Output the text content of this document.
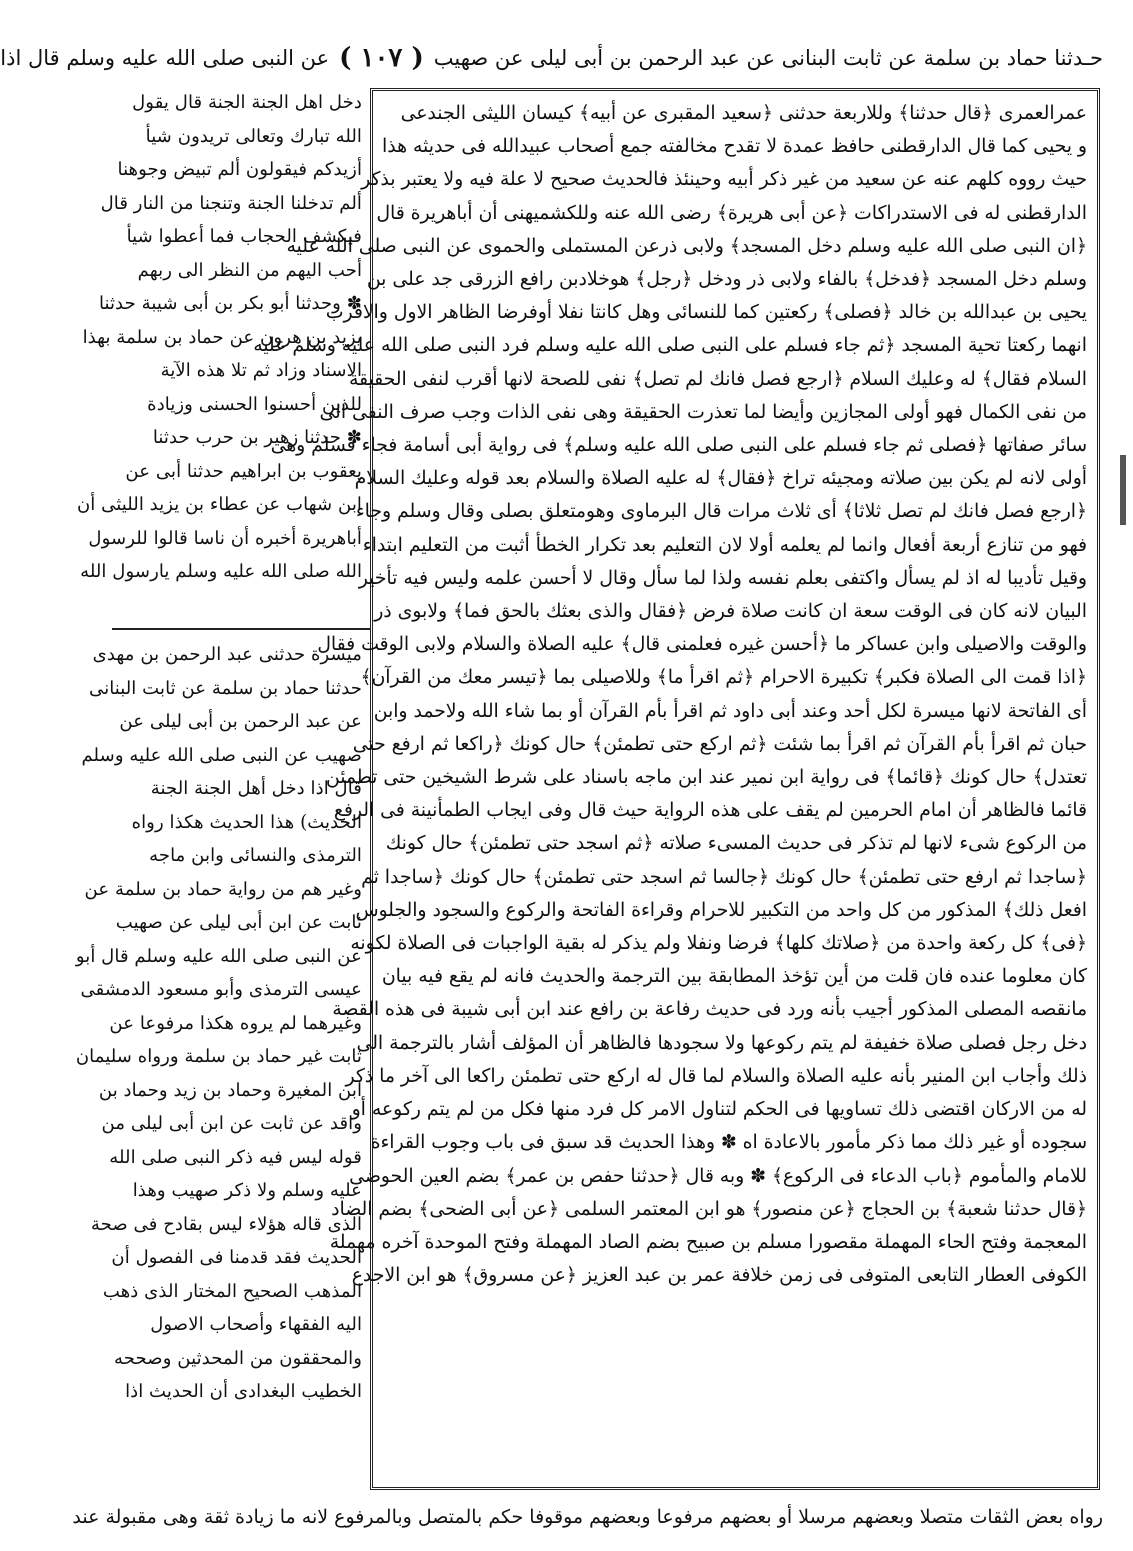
حـدثنا حماد بن سلمة عن ثابت البنانى عن عبد الرحمن بن أبى ليلى عن صهيب
( ١٠٧ )
عن النبى صلى الله عليه وسلم قال اذا

عمرالعمرى ﴿قال حدثنا﴾ وللاربعة حدثنى ﴿سعيد المقبرى عن أبيه﴾ كيسان الليثى الجندعى

و يحيى كما قال الدارقطنى حافظ عمدة لا تقدح مخالفته جمع أصحاب عبيدالله فى حديثه هذا

حيث رووه كلهم عنه عن سعيد من غير ذكر أبيه وحينئذ فالحديث صحيح لا علة فيه ولا يعتبر بذكر

الدارقطنى له فى الاستدراكات ﴿عن أبى هريرة﴾ رضى الله عنه وللكشميهنى أن أباهريرة قال

﴿ان النبى صلى الله عليه وسلم دخل المسجد﴾ ولابى ذرعن المستملى والحموى عن النبى صلى الله عليه

وسلم دخل المسجد ﴿فدخل﴾ بالفاء ولابى ذر ودخل ﴿رجل﴾ هوخلادبن رافع الزرقى جد على بن

يحيى بن عبدالله بن خالد ﴿فصلى﴾ ركعتين كما للنسائى وهل كانتا نفلا أوفرضا الظاهر الاول والاقرب

انهما ركعتا تحية المسجد ﴿ثم جاء فسلم على النبى صلى الله عليه وسلم فرد النبى صلى الله عليه وسلم عليه

السلام فقال﴾ له وعليك السلام ﴿ارجع فصل فانك لم تصل﴾ نفى للصحة لانها أقرب لنفى الحقيقة

من نفى الكمال فهو أولى المجازين وأيضا لما تعذرت الحقيقة وهى نفى الذات وجب صرف النفى الى

سائر صفاتها ﴿فصلى ثم جاء فسلم على النبى صلى الله عليه وسلم﴾ فى رواية أبى أسامة فجاء فسلم وهى

أولى لانه لم يكن بين صلاته ومجيئه تراخ ﴿فقال﴾ له عليه الصلاة والسلام بعد قوله وعليك السلام

﴿ارجع فصل فانك لم تصل ثلاثا﴾ أى ثلاث مرات قال البرماوى وهومتعلق بصلى وقال وسلم وجاء

فهو من تنازع أربعة أفعال وانما لم يعلمه أولا لان التعليم بعد تكرار الخطأ أثبت من التعليم ابتداء

وقيل تأديبا له اذ لم يسأل واكتفى بعلم نفسه ولذا لما سأل وقال لا أحسن علمه وليس فيه تأخير

البيان لانه كان فى الوقت سعة ان كانت صلاة فرض ﴿فقال والذى بعثك بالحق فما﴾ ولابوى ذر

والوقت والاصيلى وابن عساكر ما ﴿أحسن غيره فعلمنى قال﴾ عليه الصلاة والسلام ولابى الوقت فقال

﴿اذا قمت الى الصلاة فكبر﴾ تكبيرة الاحرام ﴿ثم اقرأ ما﴾ وللاصيلى بما ﴿تيسر معك من القرآن﴾

أى الفاتحة لانها ميسرة لكل أحد وعند أبى داود ثم اقرأ بأم القرآن أو بما شاء الله ولاحمد وابن

حبان ثم اقرأ بأم القرآن ثم اقرأ بما شئت ﴿ثم اركع حتى تطمئن﴾ حال كونك ﴿راكعا ثم ارفع حتى

تعتدل﴾ حال كونك ﴿قائما﴾ فى رواية ابن نمير عند ابن ماجه باسناد على شرط الشيخين حتى تطمئن

قائما فالظاهر أن امام الحرمين لم يقف على هذه الرواية حيث قال وفى ايجاب الطمأنينة فى الرفع

من الركوع شىء لانها لم تذكر فى حديث المسىء صلاته ﴿ثم اسجد حتى تطمئن﴾ حال كونك

﴿ساجدا ثم ارفع حتى تطمئن﴾ حال كونك ﴿جالسا ثم اسجد حتى تطمئن﴾ حال كونك ﴿ساجدا ثم

افعل ذلك﴾ المذكور من كل واحد من التكبير للاحرام وقراءة الفاتحة والركوع والسجود والجلوس

﴿فى﴾ كل ركعة واحدة من ﴿صلاتك كلها﴾ فرضا ونفلا ولم يذكر له بقية الواجبات فى الصلاة لكونه

كان معلوما عنده فان قلت من أين تؤخذ المطابقة بين الترجمة والحديث فانه لم يقع فيه بيان

مانقصه المصلى المذكور أجيب بأنه ورد فى حديث رفاعة بن رافع عند ابن أبى شيبة فى هذه القصة

دخل رجل فصلى صلاة خفيفة لم يتم ركوعها ولا سجودها فالظاهر أن المؤلف أشار بالترجمة الى

ذلك وأجاب ابن المنير بأنه عليه الصلاة والسلام لما قال له اركع حتى تطمئن راكعا الى آخر ما ذكر

له من الاركان اقتضى ذلك تساويها فى الحكم لتناول الامر كل فرد منها فكل من لم يتم ركوعه أو

سجوده أو غير ذلك مما ذكر مأمور بالاعادة اه ✽ وهذا الحديث قد سبق فى باب وجوب القراءة

للامام والمأموم ﴿باب الدعاء فى الركوع﴾ ✽ وبه قال ﴿حدثنا حفص بن عمر﴾ بضم العين الحوضى

﴿قال حدثنا شعبة﴾ بن الحجاج ﴿عن منصور﴾ هو ابن المعتمر السلمى ﴿عن أبى الضحى﴾ بضم الضاد

المعجمة وفتح الحاء المهملة مقصورا مسلم بن صبيح بضم الصاد المهملة وفتح الموحدة آخره مهملة

الكوفى العطار التابعى المتوفى فى زمن خلافة عمر بن عبد العزيز ﴿عن مسروق﴾ هو ابن الاجدع

دخل اهل الجنة الجنة قال يقول

الله تبارك وتعالى تريدون شيأ

أزيدكم فيقولون ألم تبيض وجوهنا

ألم تدخلنا الجنة وتنجنا من النار قال

فيكشف الحجاب فما أعطوا شيأ

أحب اليهم من النظر الى ربهم

✽ وحدثنا أبو بكر بن أبى شيبة حدثنا

يزيد بن هرون عن حماد بن سلمة بهذا

الاسناد وزاد ثم تلا هذه الآية

للذين أحسنوا الحسنى وزيادة

✽ حدثنا زهير بن حرب حدثنا

يعقوب بن ابراهيم حدثنا أبى عن

ابن شهاب عن عطاء بن يزيد الليثى أن

أباهريرة أخبره أن ناسا قالوا للرسول

الله صلى الله عليه وسلم يارسول الله

ميسرة حدثنى عبد الرحمن بن مهدى

حدثنا حماد بن سلمة عن ثابت البنانى

عن عبد الرحمن بن أبى ليلى عن

صهيب عن النبى صلى الله عليه وسلم

قال اذا دخل أهل الجنة الجنة

الحديث) هذا الحديث هكذا رواه

الترمذى والنسائى وابن ماجه

وغير هم من رواية حماد بن سلمة عن

ثابت عن ابن أبى ليلى عن صهيب

عن النبى صلى الله عليه وسلم قال أبو

عيسى الترمذى وأبو مسعود الدمشقى

وغيرهما لم يروه هكذا مرفوعا عن

ثابت غير حماد بن سلمة ورواه سليمان

ابن المغيرة وحماد بن زيد وحماد بن

واقد عن ثابت عن ابن أبى ليلى من

قوله ليس فيه ذكر النبى صلى الله

عليه وسلم ولا ذكر صهيب وهذا

الذى قاله هؤلاء ليس بقادح فى صحة

الحديث فقد قدمنا فى الفصول أن

المذهب الصحيح المختار الذى ذهب

اليه الفقهاء وأصحاب الاصول

والمحققون من المحدثين وصححه

الخطيب البغدادى أن الحديث اذا

رواه بعض الثقات متصلا وبعضهم مرسلا أو بعضهم مرفوعا وبعضهم موقوفا حكم بالمتصل وبالمرفوع لانه ما زيادة ثقة وهى مقبولة عند
